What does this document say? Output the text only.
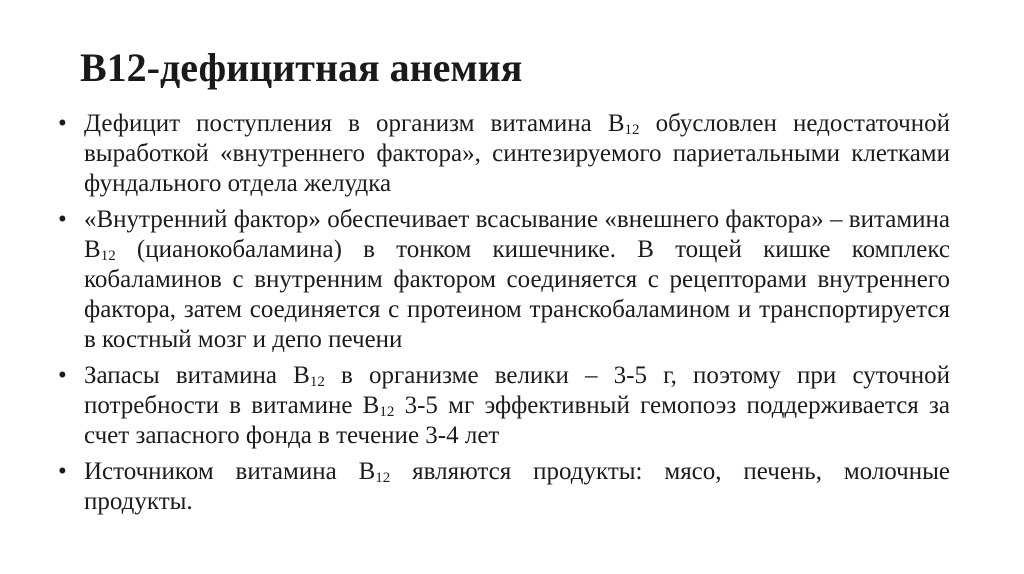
B12-дефицитная анемия
• Дефицит поступления в организм витамина $B_{12}$ обусловлен недостаточной выработкой «внутреннего фактора», синтезируемого париетальными клетками фундального отдела желудка
• «Внутренний фактор» обеспечивает всасывание «внешнего фактора» – витамина $B_{12}$ (цианокобаламина) в тонком кишечнике. В тощей кишке комплекс кобаламинов с внутренним фактором соединяется с рецепторами внутреннего фактора, затем соединяется с протеином транскобаламином и транспортируется в костный мозг и депо печени
• Запасы витамина $B_{12}$ в организме велики – 3-5 г, поэтому при суточной потребности в витамине $B_{12}$ 3-5 мг эффективный гемопоэз поддерживается за счет запасного фонда в течение 3-4 лет
• Источником витамина $B_{12}$ являются продукты: мясо, печень, молочные продукты.
